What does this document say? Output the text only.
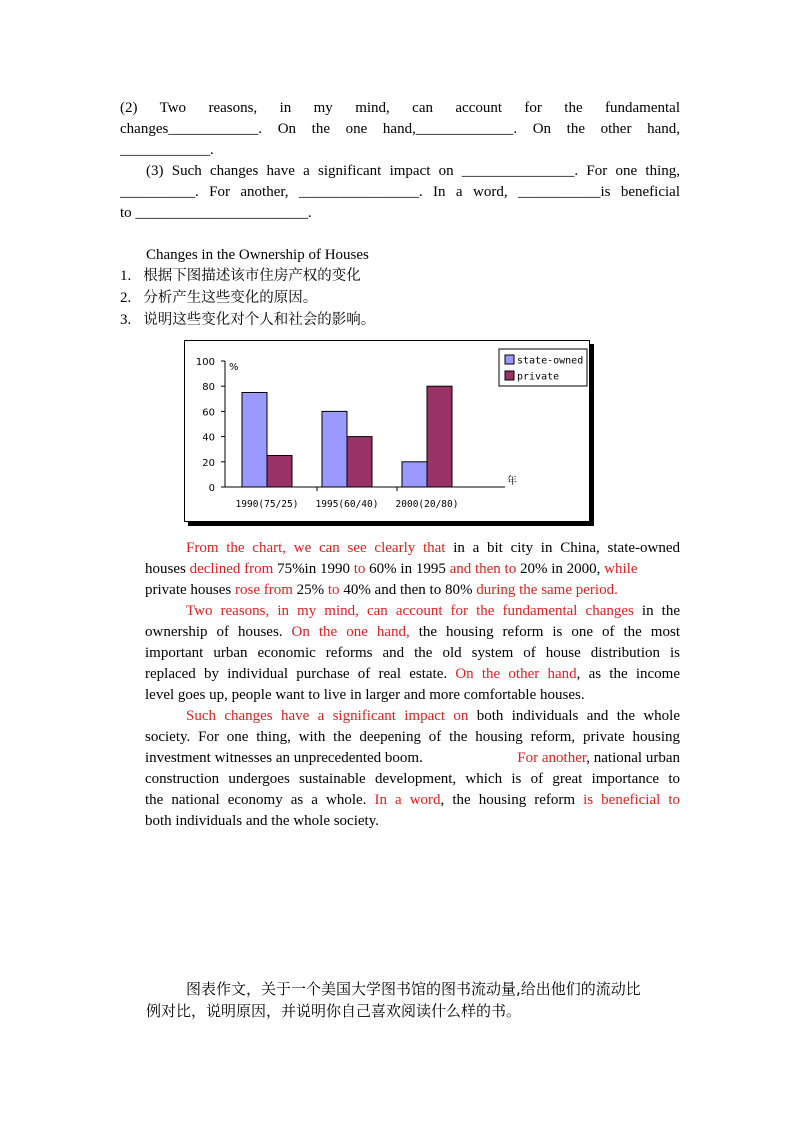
(2) Two reasons, in my mind, can account for the fundamental
changes____________. On the one hand,_____________. On the other hand,
____________.
(3) Such changes have a significant impact on _______________. For one thing,
__________. For another, ________________. In a word, ___________is beneficial
to _______________________.
Changes in the Ownership of Houses
1. 根据下图描述该市住房产权的变化
2. 分析产生这些变化的原因。
3. 说明这些变化对个人和社会的影响。
0
20
40
60
80
100 %
1990(75/25) 1995(60/40) 2000(20/80)
年
state-owned
private
From the chart, we can see clearly that in a bit city in China, state-owned
houses declined from 75%in 1990 to 60% in 1995 and then to 20% in 2000, while
private houses rose from 25% to 40% and then to 80% during the same period.
Two reasons, in my mind, can account for the fundamental changes in the
ownership of houses. On the one hand, the housing reform is one of the most
important urban economic reforms and the old system of house distribution is
replaced by individual purchase of real estate. On the other hand, as the income
level goes up, people want to live in larger and more comfortable houses.
Such changes have a significant impact on both individuals and the whole
society. For one thing, with the deepening of the housing reform, private housing
investment witnesses an unprecedented boom.	For another, national urban
construction undergoes sustainable development, which is of great importance to
the national economy as a whole. In a word, the housing reform is beneficial to
both individuals and the whole society.
图表作文，关于一个美国大学图书馆的图书流动量,给出他们的流动比
例对比，说明原因，并说明你自己喜欢阅读什么样的书。
